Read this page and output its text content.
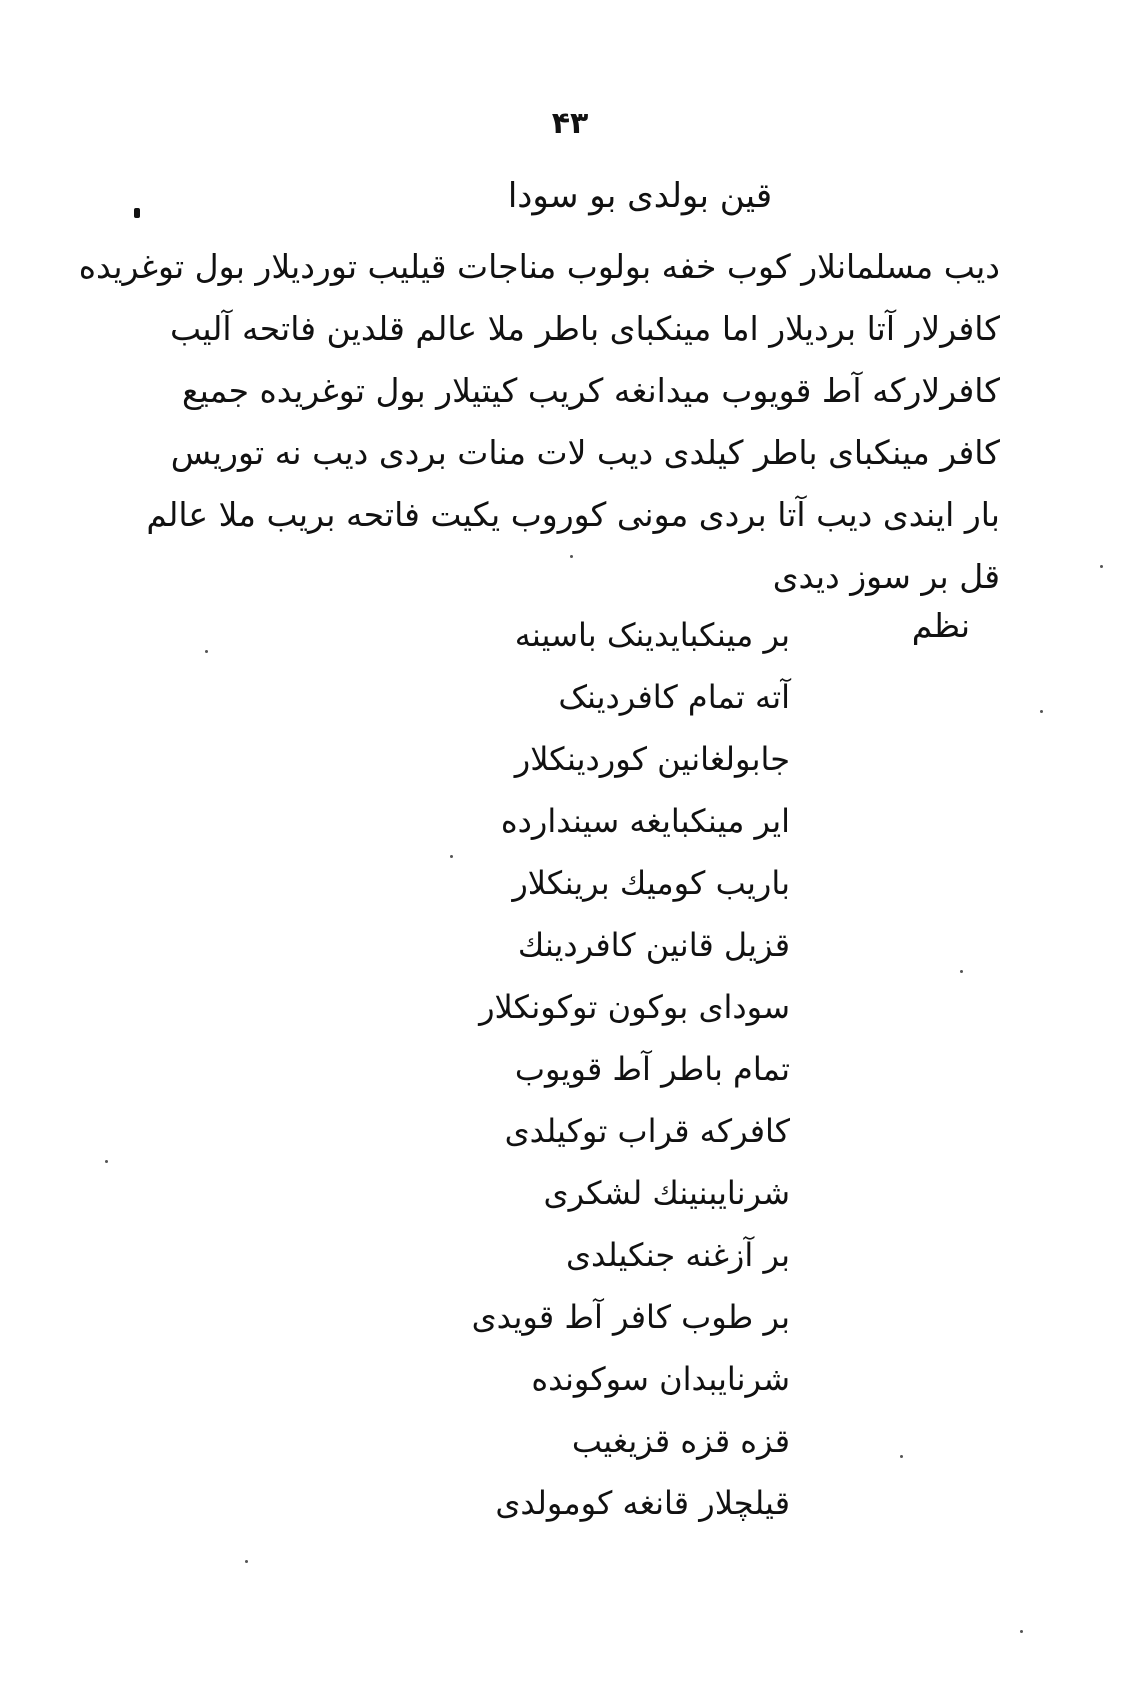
۴۳
قین بولدی بو سودا
دیب مسلمانلار کوب خفه بولوب مناجات قیلیب توردیلار بول توغریده
کافرلار آتا بردیلار اما مینکبای باطر ملا عالم قلدین فاتحه آلیب
کافرلارکه آط قویوب میدانغه کریب کیتیلار بول توغریده جمیع
کافر مینکبای باطر کیلدی دیب لات منات بردی دیب نه توریس
بار ایندی دیب آتا بردی مونی کوروب یکیت فاتحه بریب ملا عالم
قل بر سوز دیدی
نظم
بر مینکبایدینک باسینه
آته تمام کافردینک
جابولغانین کوردینکلار
ایر مینکبایغه سیندارده
باریب کومیك برینکلار
قزیل قانین کافردینك
سودای بوکون توکونکلار
تمام باطر آط قویوب
کافرکه قراب توکیلدی
شرنایبنینك لشکری
بر آزغنه جنکیلدی
بر طوب کافر آط قویدی
شرنایبدان سوکونده
قزه قزه قزیغیب
قیلچلار قانغه کومولدی
